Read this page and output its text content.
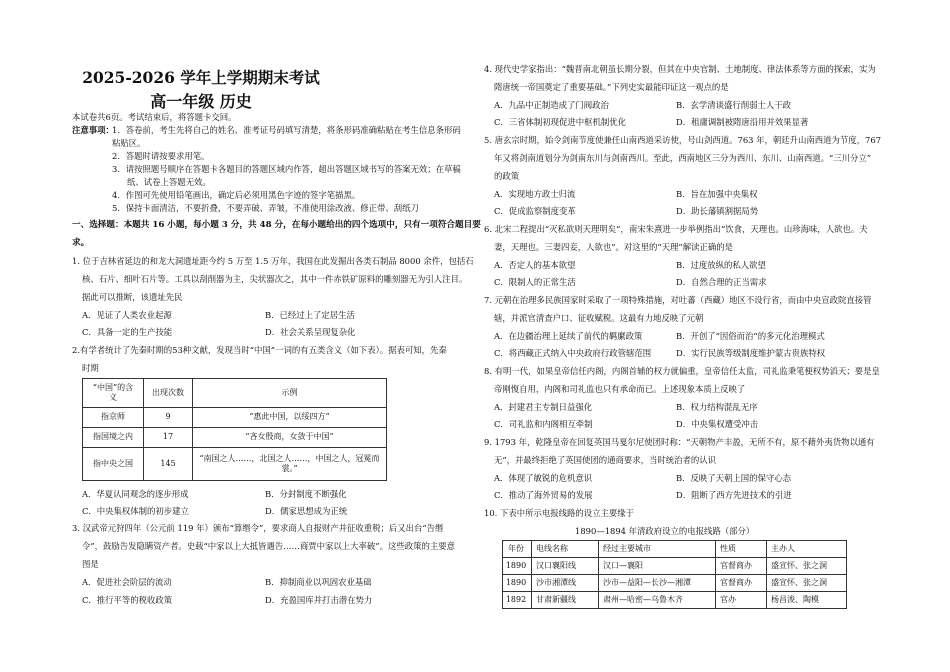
2025-2026 学年上学期期末考试
高一年级 历史
本试卷共6页。考试结束后，将答题卡交回。
注意事项：
1．答卷前，考生先将自己的姓名、准考证号码填写清楚，将条形码准确粘贴在考生信息条形码
粘贴区。
2．答题时请按要求用笔。
3．请按照题号顺序在答题卡各题目的答题区域内作答，超出答题区域书写的答案无效；在草稿
纸、试卷上答题无效。
4．作图可先使用铅笔画出，确定后必须用黑色字迹的签字笔描黑。
5．保持卡面清洁，不要折叠，不要弄破、弄皱，不准使用涂改液、修正带、刮纸刀
一、选择题：本题共 16 小题，每小题 3 分，共 48 分，在每小题给出的四个选项中，只有一项符合题目要
求。
1. 位于吉林省延边的和龙大洞遗址距今约 5 万至 1.5 万年，我国在此发掘出各类石制品 8000 余件，包括石
核、石片、细叶石片等。工具以刮削器为主，尖状器次之，其中一件赤铁矿原料的雕刻器无为引人注目。
据此可以推断，该遗址先民
A．见证了人类农业起源	B．已经过上了定居生活
C．具备一定的生产技能	D．社会关系呈现复杂化
2.有学者统计了先秦时期的53种文献，发现当时“中国”一词的有五类含义（如下表）。据表可知，先秦
时期
“中国”的含
义	出现次数	示例
指京师	9	“惠此中国，以绥四方”
指国境之内	17	“吝女殷商，女敛于中国”
指中央之国	145	“南国之人……，北国之人……，中国之人，冠冕而
裳。”
A．华夏认同观念的逐步形成	B．分封制度不断强化
C．中央集权体制的初步建立	D．儒家思想成为正统
3. 汉武帝元狩四年（公元前 119 年）颁布“算缗令”，要求商人自报财产并征收重税；后又出台“告缗
令”，鼓励告发隐瞒资产者。史载“中家以上大抵皆遇告……商贾中家以上大率破”。这些政策的主要意
图是
A．促进社会阶层的流动	B．抑制商业以巩固农业基础
C．推行平等的税收政策	D．充盈国库并打击潜在势力
4. 现代史学家指出：“魏晋南北朝虽长期分裂，但其在中央官制、土地制度、律法体系等方面的探索，实为
隋唐统一帝国奠定了重要基础。”下列史实最能印证这一观点的是
A．九品中正制造成了门阀政治	B．玄学清谈盛行削弱士人干政
C．三省体制初现促进中枢机制优化	D．租庸调制被隋唐沿用并效果显著
5. 唐玄宗时期，始令剑南节度使兼任山南西道采访使，号山剑西道。763 年，朝廷升山南西道为节度，767
年又将剑南道划分为剑南东川与剑南西川。至此，西南地区三分为西川、东川、山南西道。“三川分立”
的政策
A．实现地方政士归流	B．旨在加强中央集权
C．促成监察制度变革	D．助长藩镇割据局势
6. 北宋二程提出“灭私欲则天理明矣”，南宋朱熹进一步举例指出“饮食，天理也。山珍海味，人欲也。夫
妻，天理也。三妻四妾，人欲也”。对这里的“天理”解读正确的是
A．否定人的基本欲望	B．过度放纵的私人欲望
C．限制人的正常生活	D．自然合理的正当需求
7. 元朝在治理多民族国家时采取了一项特殊措施，对吐蕃（西藏）地区不设行省，而由中央宣政院直接管
辖，并派官清查户口、征收赋税。这最有力地反映了元朝
A．在边疆治理上延续了前代的羁縻政策	B．开创了“因俗而治”的多元化治理模式
C．将西藏正式纳入中央政府行政管辖范围	D．实行民族等级制度维护蒙古贵族特权
8. 有明一代，如果皇帝信任内阁，内阁首辅的权力就偏重，皇帝信任太监，司礼监秉笔便权势滔天；要是皇
帝刚愎自用，内阁和司礼监也只有承命而已。上述现象本质上反映了
A．封建君主专制日益强化	B．权力结构混乱无序
C．司礼监和内阁相互牵制	D．中央集权遭受冲击
9. 1793 年，乾隆皇帝在回复英国马戛尔尼使团时称：“天朝物产丰盈，无所不有，原不藉外夷货物以通有
无”，并最终拒绝了英国使团的通商要求，当时统治者的认识
A．体现了敏锐的危机意识	B．反映了天朝上国的保守心态
C．推动了海外贸易的发展	D．阻断了西方先进技术的引进
10. 下表中所示电报线路的设立主要缘于
1890—1894 年清政府设立的电报线路（部分）
年份	电线名称	经过主要城市	性质	主办人
1890	汉口襄阳线	汉口—襄阳	官督商办	盛宣怀、张之洞
1890	沙市湘潭线	沙市—益阳—长沙—湘潭	官督商办	盛宣怀、张之洞
1892	甘肃新疆线	肃州—哈密—乌鲁木齐	官办	杨昌浚、陶模
